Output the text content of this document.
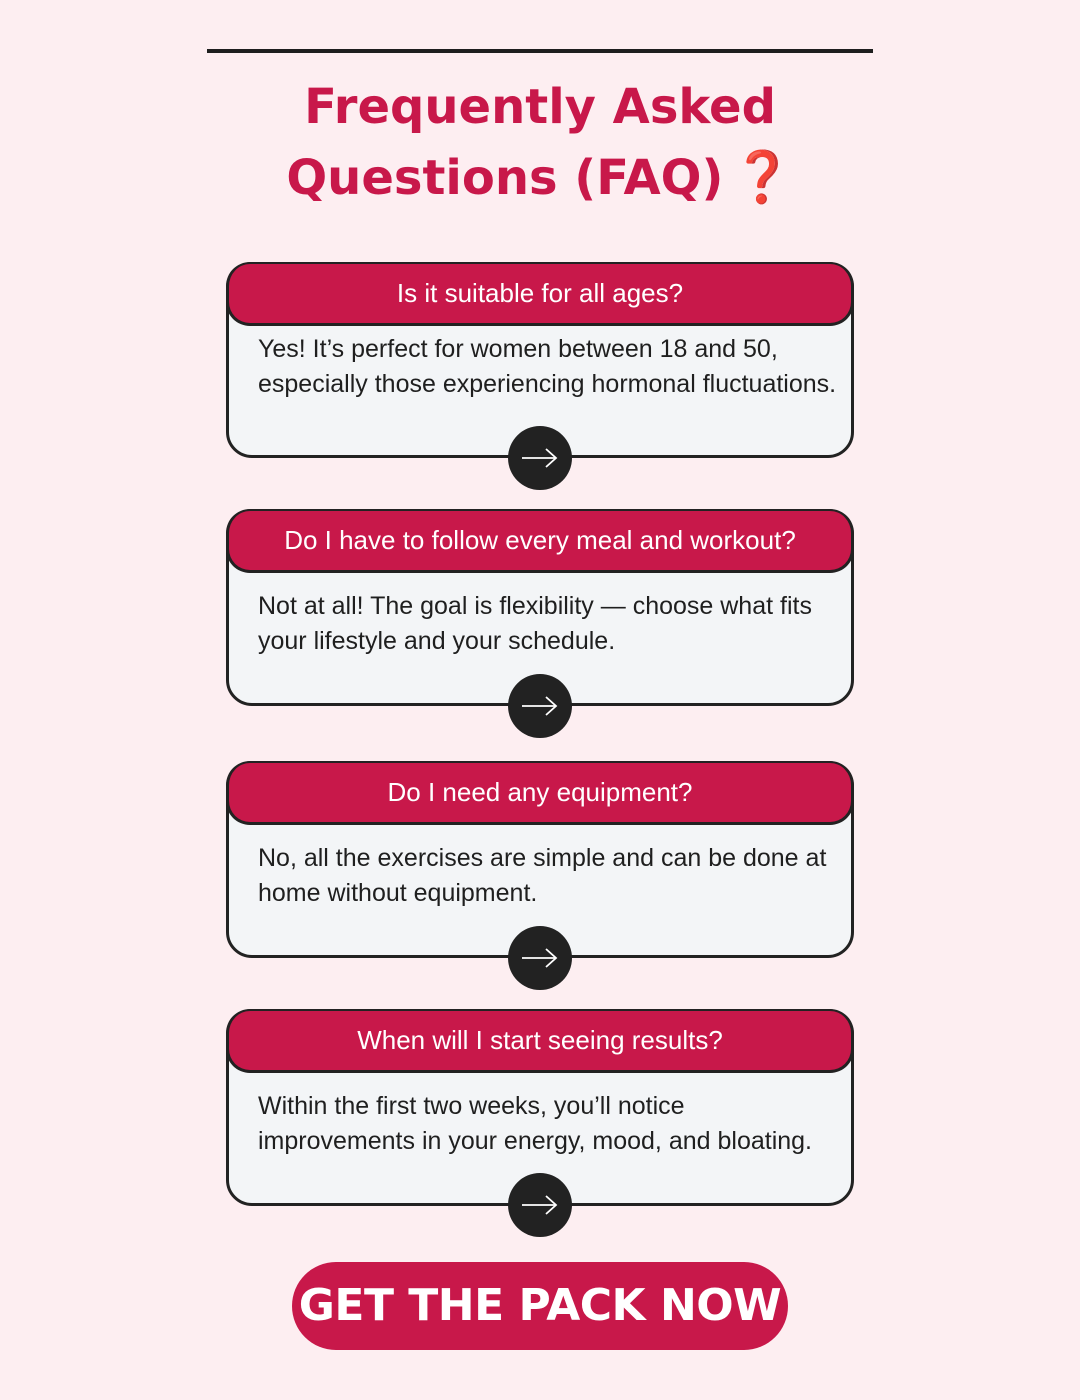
Frequently Asked
Questions (FAQ) ❓
Is it suitable for all ages?
Yes! It’s perfect for women between 18 and 50, especially those experiencing hormonal fluctuations.
Do I have to follow every meal and workout?
Not at all! The goal is flexibility — choose what fits your lifestyle and your schedule.
Do I need any equipment?
No, all the exercises are simple and can be done at home without equipment.
When will I start seeing results?
Within the first two weeks, you’ll notice improvements in your energy, mood, and bloating.
GET THE PACK NOW
